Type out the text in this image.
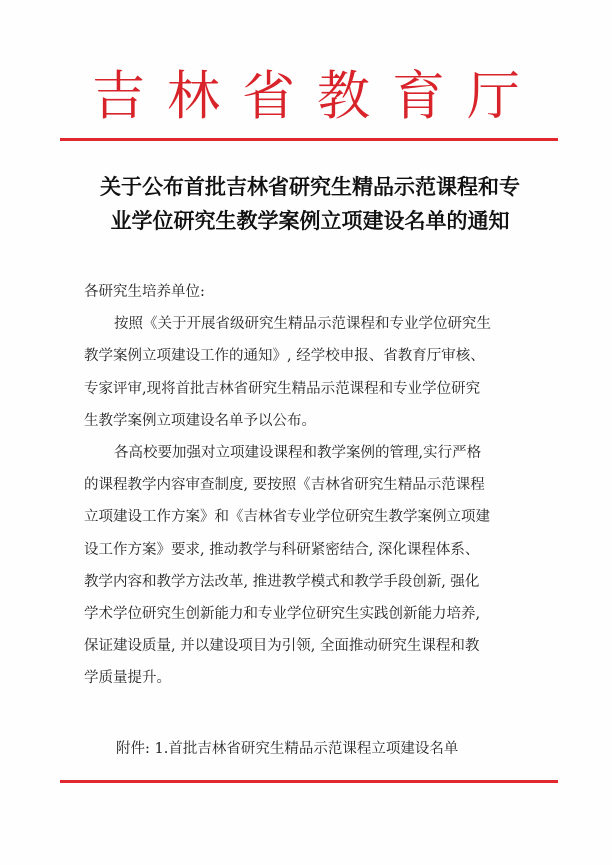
吉林省教育厅
关于公布首批吉林省研究生精品示范课程和专
业学位研究生教学案例立项建设名单的通知
各研究生培养单位:
按照《关于开展省级研究生精品示范课程和专业学位研究生
教学案例立项建设工作的通知》, 经学校申报、省教育厅审核、
专家评审,现将首批吉林省研究生精品示范课程和专业学位研究
生教学案例立项建设名单予以公布。
各高校要加强对立项建设课程和教学案例的管理,实行严格
的课程教学内容审查制度, 要按照《吉林省研究生精品示范课程
立项建设工作方案》和《吉林省专业学位研究生教学案例立项建
设工作方案》要求, 推动教学与科研紧密结合, 深化课程体系、
教学内容和教学方法改革, 推进教学模式和教学手段创新, 强化
学术学位研究生创新能力和专业学位研究生实践创新能力培养,
保证建设质量, 并以建设项目为引领, 全面推动研究生课程和教
学质量提升。
附件: 1.首批吉林省研究生精品示范课程立项建设名单
